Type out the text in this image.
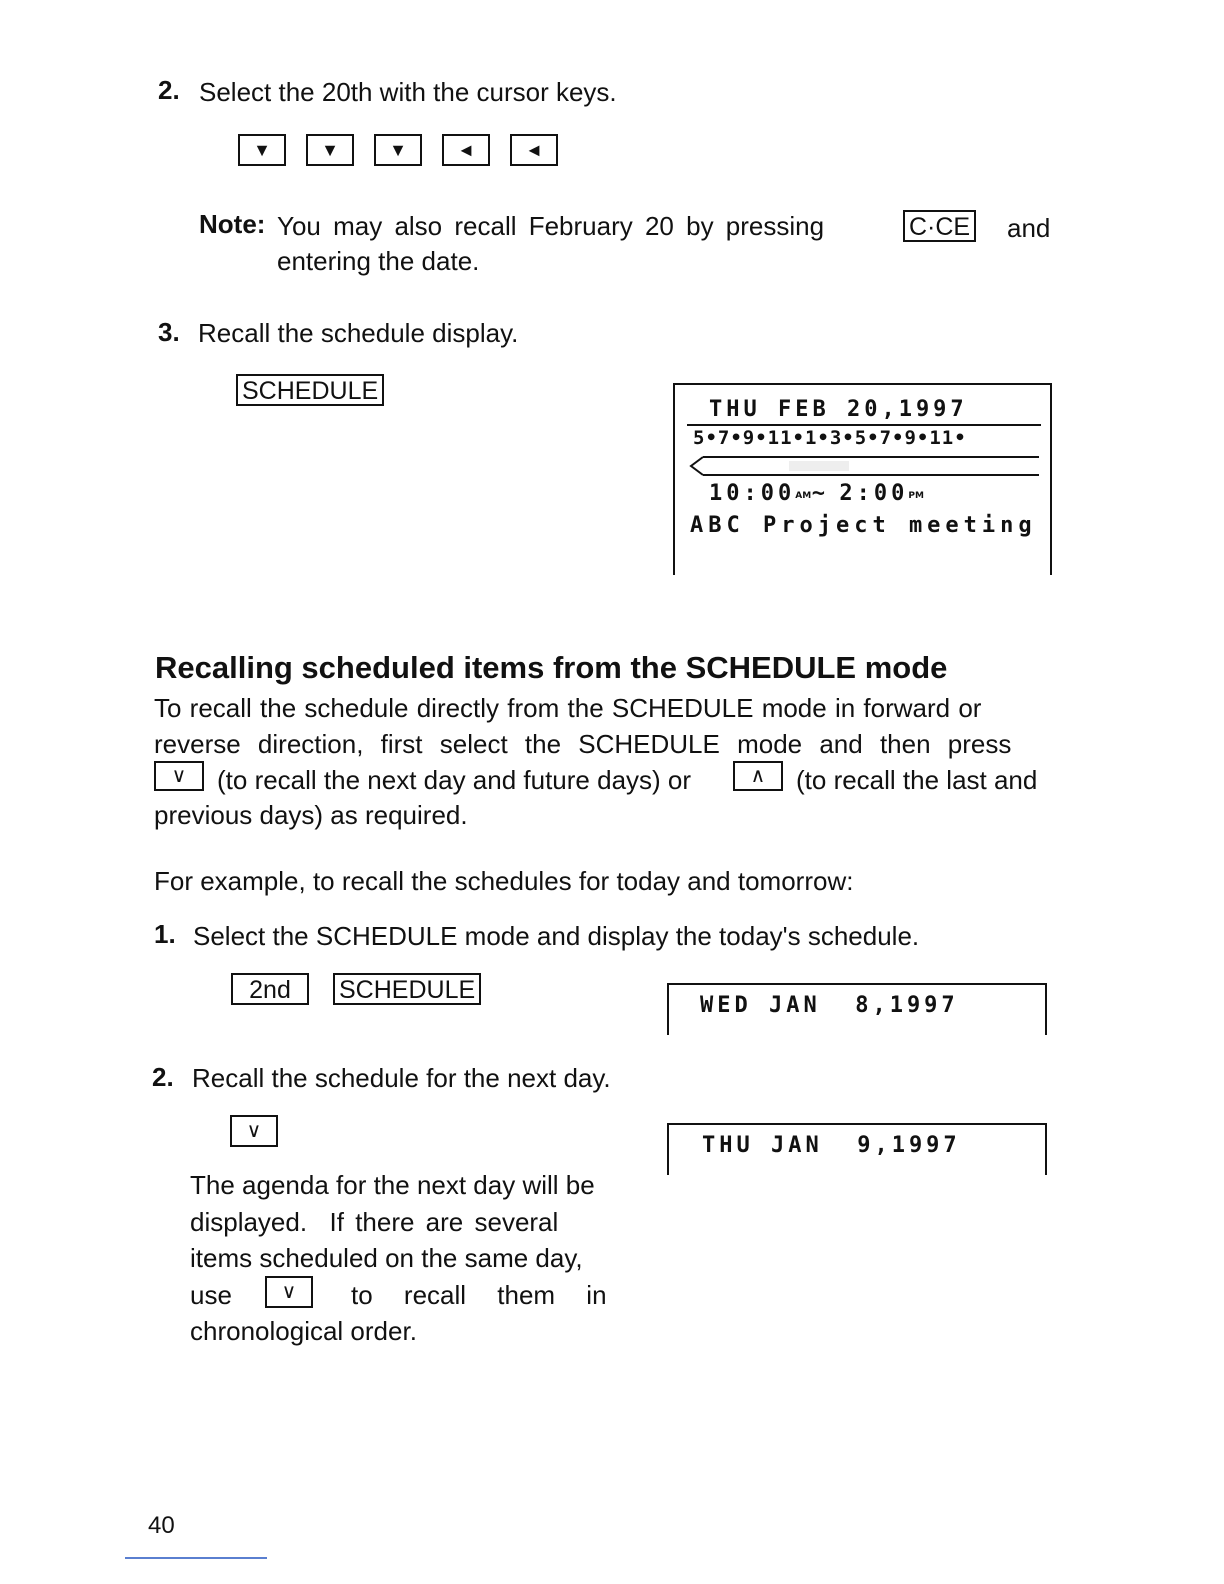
2. Select the 20th with the cursor keys.
▼	▼	▼	◄	◄
Note: You may also recall February 20 by pressing	C·CE and
entering the date.
3. Recall the schedule display.
SCHEDULE
THU FEB 20,1997
5•7•9•11•1•3•5•7•9•11•
10:00AM ~ 2:00PM
ABC Project meeting
Recalling scheduled items from the SCHEDULE mode
To recall the schedule directly from the SCHEDULE mode in forward or
reverse direction, first select the SCHEDULE mode and then press
∨	(to recall the next day and future days) or	∧	(to recall the last and
previous days) as required.
For example, to recall the schedules for today and tomorrow:
1. Select the SCHEDULE mode and display the today's schedule.
2nd	SCHEDULE
WED JAN  8,1997
2. Recall the schedule for the next day.
∨
THU JAN  9,1997
The agenda for the next day will be
displayed.  If there are several
items scheduled on the same day,
use	∨	to recall them in
chronological order.
40
